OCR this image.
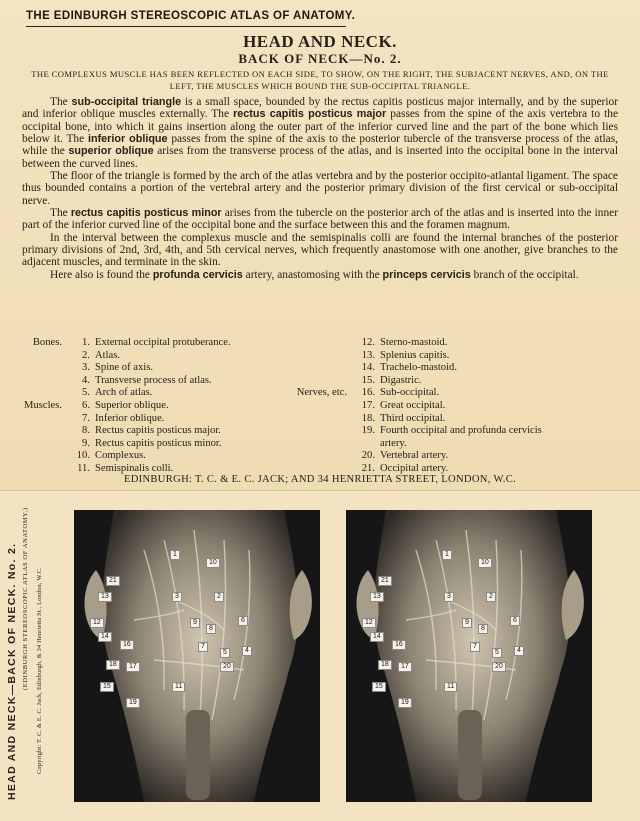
THE EDINBURGH STEREOSCOPIC ATLAS OF ANATOMY.
HEAD AND NECK.
BACK OF NECK—No. 2.
THE COMPLEXUS MUSCLE HAS BEEN REFLECTED ON EACH SIDE, TO SHOW, ON THE RIGHT, THE SUBJACENT NERVES, AND, ON THE LEFT, THE MUSCLES WHICH BOUND THE SUB-OCCIPITAL TRIANGLE.

The sub-occipital triangle is a small space, bounded by the rectus capitis posticus major internally, and by the superior and inferior oblique muscles externally. The rectus capitis posticus major passes from the spine of the axis vertebra to the occipital bone, into which it gains insertion along the outer part of the inferior curved line and the part of the bone which lies below it. The inferior oblique passes from the spine of the axis to the posterior tubercle of the transverse process of the atlas, while the superior oblique arises from the transverse process of the atlas, and is inserted into the occipital bone in the interval between the curved lines.

The floor of the triangle is formed by the arch of the atlas vertebra and by the posterior occipito-atlantal ligament. The space thus bounded contains a portion of the vertebral artery and the posterior primary division of the first cervical or sub-occipital nerve.

The rectus capitis posticus minor arises from the tubercle on the posterior arch of the atlas and is inserted into the inner part of the inferior curved line of the occipital bone and the surface between this and the foramen magnum.

In the interval between the complexus muscle and the semispinalis colli are found the internal branches of the posterior primary divisions of 2nd, 3rd, 4th, and 5th cervical nerves, which frequently anastomose with one another, give branches to the adjacent muscles, and terminate in the skin.

Here also is found the profunda cervicis artery, anastomosing with the princeps cervicis branch of the occipital.

Bones.	1. External occipital protuberance.
2. Atlas.
3. Spine of axis.
4. Transverse process of atlas.
5. Arch of atlas.
Muscles.	6. Superior oblique.
7. Inferior oblique.
8. Rectus capitis posticus major.
9. Rectus capitis posticus minor.
10. Complexus.
11. Semispinalis colli.
12. Sterno-mastoid.
13. Splenius capitis.
14. Trachelo-mastoid.
15. Digastric.
Nerves, etc.	16. Sub-occipital.
17. Great occipital.
18. Third occipital.
19. Fourth occipital and profunda cervicis
artery.
20. Vertebral artery.
21. Occipital artery.
EDINBURGH: T. C. & E. C. JACK; AND 34 HENRIETTA STREET, LONDON, W.C.
HEAD AND NECK—BACK OF NECK. No. 2. (EDINBURGH STEREOSCOPIC ATLAS OF ANATOMY.) Copyright: T. C. & E. C. Jack, Edinburgh, & 34 Henrietta St., London, W.C.
10
1
21
13
12
14
16
18	17
15
19
20
6
4
5
8
9
2
3
7
11
10
1
21
13
12
14
16
18	17
15
19
20
6
4
5
8
9
2
3
7
11
